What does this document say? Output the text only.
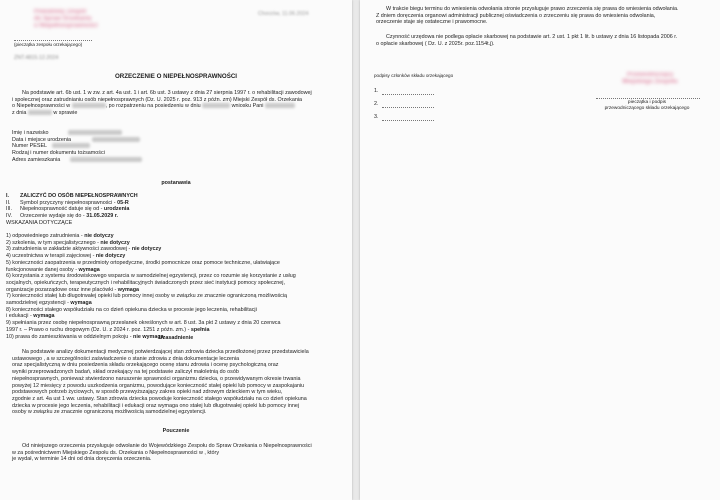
Powiatowy Zespół
do Spraw Orzekania
o Niepełnosprawności
Chorzów, 11.06.2024
(pieczątka zespołu orzekającego)
ZNT.4815.12.2024
ORZECZENIE O NIEPEŁNOSPRAWNOŚCI
Na podstawie art. 6b ust. 1 w zw. z art. 4a ust. 1 i art. 6b ust. 3 ustawy z dnia 27 sierpnia 1997 r. o rehabilitacji zawodowej
i społecznej oraz zatrudnianiu osób niepełnosprawnych (Dz. U. 2025 r. poz. 913 z późn. zm) Miejski Zespół ds. Orzekania
o Niepełnosprawności w	, po rozpatrzeniu na posiedzeniu w dniu	wniosku Pani
z dnia	w sprawie
Imię i nazwisko
Data i miejsce urodzenia
Numer PESEL
Rodzaj i numer dokumentu tożsamości
Adres zamieszkania
postanawia
I. ZALICZYĆ DO OSÓB NIEPEŁNOSPRAWNYCH
II. Symbol przyczyny niepełnosprawności - 05-R
III. Niepełnosprawność datuje się od - urodzenia
IV. Orzeczenie wydaje się do - 31.05.2029 r.
WSKAZANIA DOTYCZĄCE
1) odpowiedniego zatrudnienia - nie dotyczy
2) szkolenia, w tym specjalistycznego - nie dotyczy
3) zatrudnienia w zakładzie aktywności zawodowej - nie dotyczy
4) uczestnictwa w terapii zajęciowej - nie dotyczy
5) konieczności zaopatrzenia w przedmioty ortopedyczne, środki pomocnicze oraz pomoce techniczne, ułatwiające
funkcjonowanie danej osoby - wymaga
6) korzystania z systemu środowiskowego wsparcia w samodzielnej egzystencji, przez co rozumie się korzystanie z usług
socjalnych, opiekuńczych, terapeutycznych i rehabilitacyjnych świadczonych przez sieć instytucji pomocy społecznej,
organizacje pozarządowe oraz inne placówki - wymaga
7) konieczności stałej lub długotrwałej opieki lub pomocy innej osoby w związku ze znacznie ograniczoną możliwością
samodzielnej egzystencji - wymaga
8) konieczności stałego współudziału na co dzień opiekuna dziecka w procesie jego leczenia, rehabilitacji
i edukacji - wymaga
9) spełniania przez osobę niepełnosprawną przesłanek określonych w art. 8 ust. 3a pkt 2 ustawy z dnia 20 czerwca
1997 r. – Prawo o ruchu drogowym (Dz. U. z 2024 r. poz. 1251 z późn. zm.) - spełnia
10) prawa do zamieszkiwania w oddzielnym pokoju - nie wymaga
Uzasadnienie
Na podstawie analizy dokumentacji medycznej potwierdzającej stan zdrowia dziecka przedłożonej przez przedstawiciela
ustawowego , a w szczególności zaświadczenie o stanie zdrowia z dnia dokumentacje leczenia
oraz specjalistyczną w dniu posiedzenia składu orzekającego ocenę stanu zdrowia i ocenę psychologiczną oraz
wyniki przeprowadzonych badań, skład orzekający na tej podstawie zaliczył małoletnią do osób
niepełnosprawnych, ponieważ stwierdzono naruszenie sprawności organizmu dziecka, o przewidywanym okresie trwania
powyżej 12 miesięcy z powodu uszkodzenia organizmu, powodujące konieczność stałej opieki lub pomocy w zaspokajaniu
podstawowych potrzeb życiowych, w sposób przewyższający zakres opieki nad zdrowym dzieckiem w tym wieku,
zgodnie z art. 4a ust 1 ww. ustawy. Stan zdrowia dziecka powoduje konieczność stałego współudziału na co dzień opiekuna
dziecka w procesie jego leczenia, rehabilitacji i edukacji oraz wymaga ono stałej lub długotrwałej opieki lub pomocy innej
osoby w związku ze znacznie ograniczoną możliwością samodzielnej egzystencji.
Pouczenie
Od niniejszego orzeczenia przysługuje odwołanie do Wojewódzkiego Zespołu do Spraw Orzekania o Niepełnosprawności
w za pośrednictwem Miejskiego Zespołu ds. Orzekania o Niepełnosprawności w , który
je wydał, w terminie 14 dni od dnia doręczenia orzeczenia.
W trakcie biegu terminu do wniesienia odwołania stronie przysługuje prawo zrzeczenia się prawa do wniesienia odwołania.
Z dniem doręczenia organowi administracji publicznej oświadczenia o zrzeczeniu się prawa do wniesienia odwołania,
orzeczenie staje się ostateczne i prawomocne.
Czynność urzędowa nie podlega opłacie skarbowej na podstawie art. 2 ust. 1 pkt 1 lit. b ustawy z dnia 16 listopada 2006 r.
o opłacie skarbowej ( Dz. U. z 2025r. poz.1154t.j).
podpisy członków składu orzekającego
1.
2.
3.
Przewodniczący
Miejskiego Zespołu
pieczątka i podpis
przewodniczącego składu orzekającego
